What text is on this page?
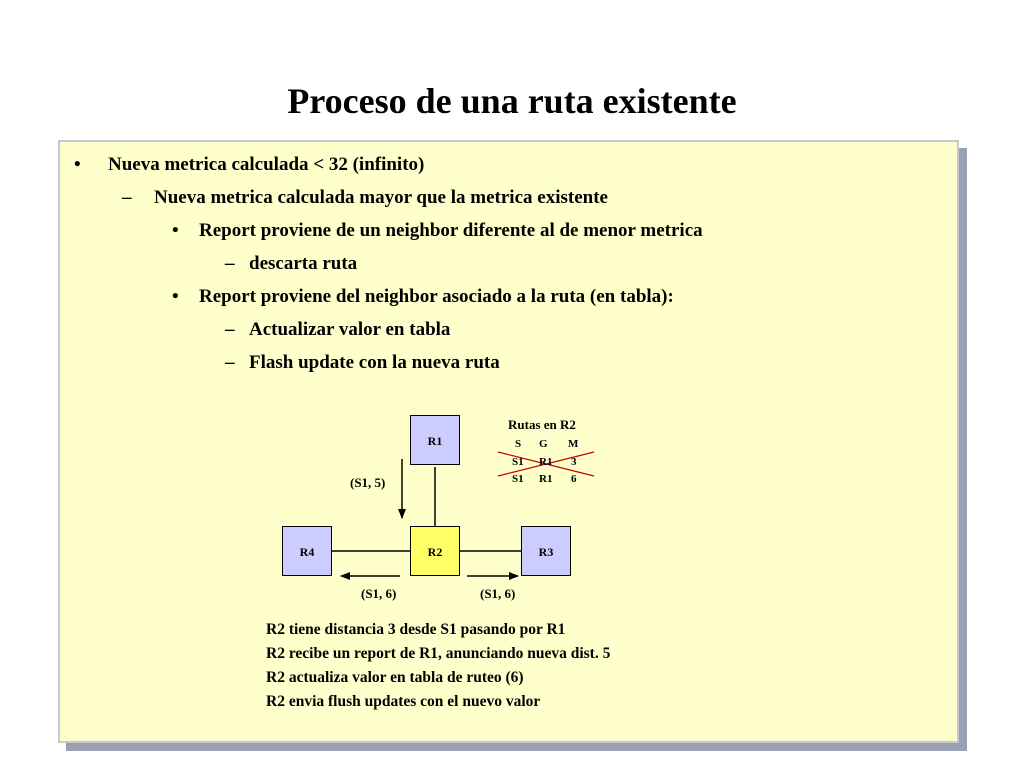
Proceso de una ruta existente
• Nueva metrica calculada < 32 (infinito)
– Nueva metrica calculada mayor que la metrica existente
• Report proviene de un neighbor diferente al de menor metrica
– descarta ruta
• Report proviene del neighbor asociado a la ruta (en tabla):
– Actualizar valor en tabla
– Flash update con la nueva ruta
R1
R2
R4	R3
(S1, 5)
(S1, 6)	(S1, 6)
Rutas en R2
S G M
S1 R1 3
S1 R1 6
R2 tiene distancia 3 desde S1 pasando por R1
R2 recibe un report de R1, anunciando nueva dist. 5
R2 actualiza valor en tabla de ruteo (6)
R2 envia flush updates con el nuevo valor
